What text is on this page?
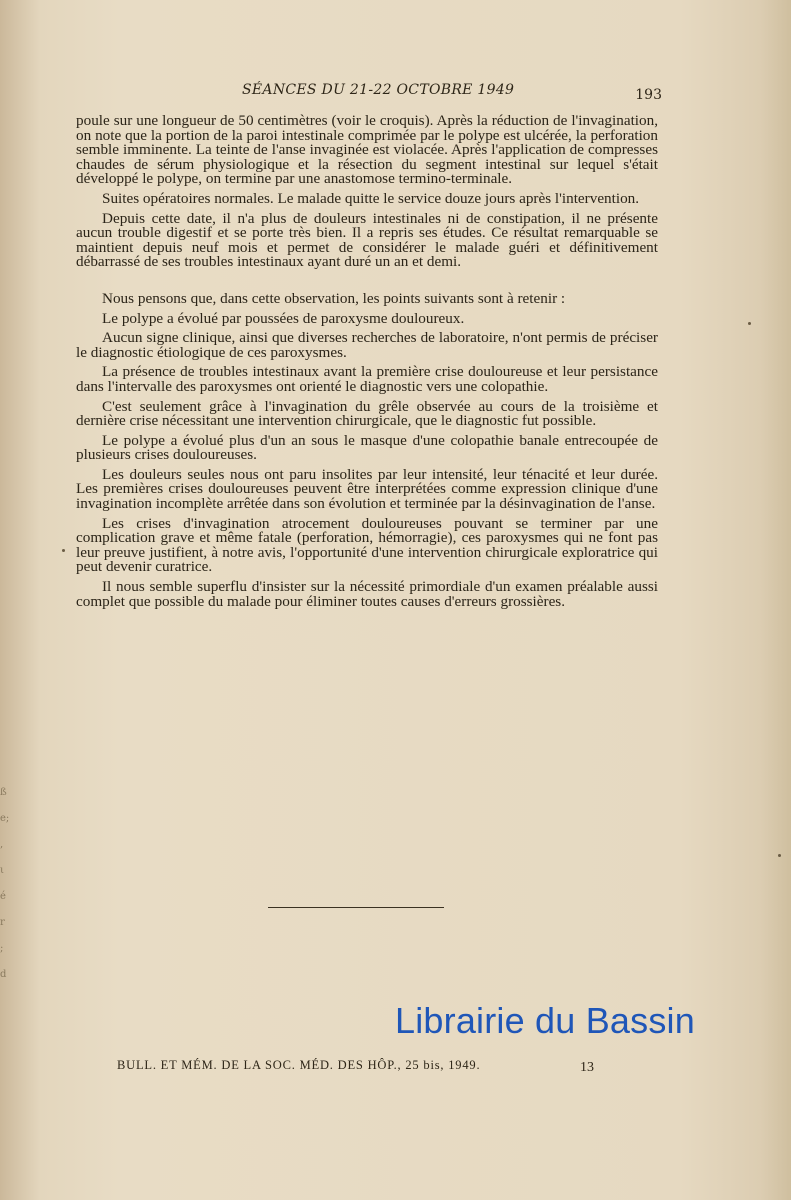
ß
e;
,
ι
é
r
;
d
SÉANCES DU 21-22 OCTOBRE 1949	193

poule sur une longueur de 50 centimètres (voir le croquis). Après la réduction de l'invagination, on note que la portion de la paroi intestinale comprimée par le polype est ulcérée, la perforation semble imminente. La teinte de l'anse invaginée est violacée. Après l'application de compresses chaudes de sérum physiologique et la résection du segment intestinal sur lequel s'était développé le polype, on termine par une anastomose termino-terminale.

Suites opératoires normales. Le malade quitte le service douze jours après l'intervention.

Depuis cette date, il n'a plus de douleurs intestinales ni de constipation, il ne présente aucun trouble digestif et se porte très bien. Il a repris ses études. Ce résultat remarquable se maintient depuis neuf mois et permet de considérer le malade guéri et définitivement débarrassé de ses troubles intestinaux ayant duré un an et demi.

Nous pensons que, dans cette observation, les points suivants sont à retenir :

Le polype a évolué par poussées de paroxysme douloureux.

Aucun signe clinique, ainsi que diverses recherches de laboratoire, n'ont permis de préciser le diagnostic étiologique de ces paroxysmes.

La présence de troubles intestinaux avant la première crise douloureuse et leur persistance dans l'intervalle des paroxysmes ont orienté le diagnostic vers une colopathie.

C'est seulement grâce à l'invagination du grêle observée au cours de la troisième et dernière crise nécessitant une intervention chirurgicale, que le diagnostic fut possible.

Le polype a évolué plus d'un an sous le masque d'une colopathie banale entrecoupée de plusieurs crises douloureuses.

Les douleurs seules nous ont paru insolites par leur intensité, leur ténacité et leur durée. Les premières crises douloureuses peuvent être interprétées comme expression clinique d'une invagination incomplète arrêtée dans son évolution et terminée par la désinvagination de l'anse.

Les crises d'invagination atrocement douloureuses pouvant se terminer par une complication grave et même fatale (perforation, hémorragie), ces paroxysmes qui ne font pas leur preuve justifient, à notre avis, l'opportunité d'une intervention chirurgicale exploratrice qui peut devenir curatrice.

Il nous semble superflu d'insister sur la nécessité primordiale d'un examen préalable aussi complet que possible du malade pour éliminer toutes causes d'erreurs grossières.

Librairie du Bassin
BULL. ET MÉM. DE LA SOC. MÉD. DES HÔP., 25 bis, 1949.	13
